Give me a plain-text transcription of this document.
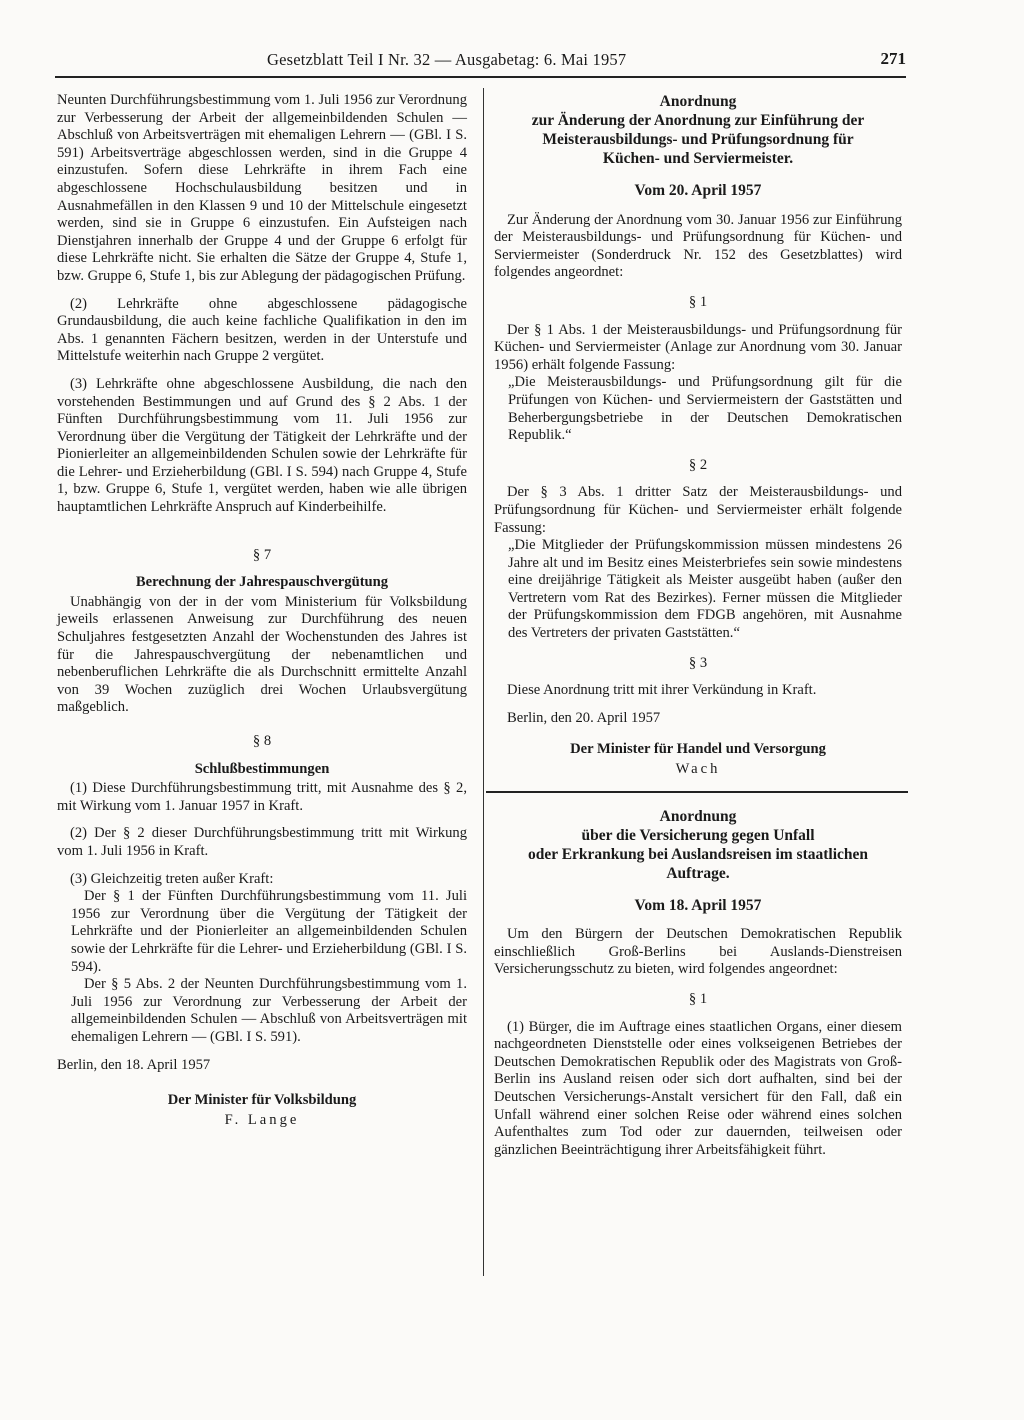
Gesetzblatt Teil I Nr. 32 — Ausgabetag: 6. Mai 1957	271

Neunten Durchführungsbestimmung vom 1. Juli 1956 zur Verordnung zur Verbesserung der Arbeit der allgemeinbildenden Schulen — Abschluß von Arbeitsverträgen mit ehemaligen Lehrern — (GBl. I S. 591) Arbeitsverträge abgeschlossen werden, sind in die Gruppe 4 einzustufen. Sofern diese Lehrkräfte in ihrem Fach eine abgeschlossene Hochschulausbildung besitzen und in Ausnahmefällen in den Klassen 9 und 10 der Mittelschule eingesetzt werden, sind sie in Gruppe 6 einzustufen. Ein Aufsteigen nach Dienstjahren innerhalb der Gruppe 4 und der Gruppe 6 erfolgt für diese Lehrkräfte nicht. Sie erhalten die Sätze der Gruppe 4, Stufe 1, bzw. Gruppe 6, Stufe 1, bis zur Ablegung der pädagogischen Prüfung.

(2) Lehrkräfte ohne abgeschlossene pädagogische Grundausbildung, die auch keine fachliche Qualifikation in den im Abs. 1 genannten Fächern besitzen, werden in der Unterstufe und Mittelstufe weiterhin nach Gruppe 2 vergütet.

(3) Lehrkräfte ohne abgeschlossene Ausbildung, die nach den vorstehenden Bestimmungen und auf Grund des § 2 Abs. 1 der Fünften Durchführungsbestimmung vom 11. Juli 1956 zur Verordnung über die Vergütung der Tätigkeit der Lehrkräfte und der Pionierleiter an allgemeinbildenden Schulen sowie der Lehrkräfte für die Lehrer- und Erzieherbildung (GBl. I S. 594) nach Gruppe 4, Stufe 1, bzw. Gruppe 6, Stufe 1, vergütet werden, haben wie alle übrigen hauptamtlichen Lehrkräfte Anspruch auf Kinderbeihilfe.

§ 7
Berechnung der Jahrespauschvergütung

Unabhängig von der in der vom Ministerium für Volksbildung jeweils erlassenen Anweisung zur Durchführung des neuen Schuljahres festgesetzten Anzahl der Wochenstunden des Jahres ist für die Jahrespauschvergütung der nebenamtlichen und nebenberuflichen Lehrkräfte die als Durchschnitt ermittelte Anzahl von 39 Wochen zuzüglich drei Wochen Urlaubsvergütung maßgeblich.

§ 8
Schlußbestimmungen

(1) Diese Durchführungsbestimmung tritt, mit Ausnahme des § 2, mit Wirkung vom 1. Januar 1957 in Kraft.

(2) Der § 2 dieser Durchführungsbestimmung tritt mit Wirkung vom 1. Juli 1956 in Kraft.

(3) Gleichzeitig treten außer Kraft:

Der § 1 der Fünften Durchführungsbestimmung vom 11. Juli 1956 zur Verordnung über die Vergütung der Tätigkeit der Lehrkräfte und der Pionierleiter an allgemeinbildenden Schulen sowie der Lehrkräfte für die Lehrer- und Erzieherbildung (GBl. I S. 594).

Der § 5 Abs. 2 der Neunten Durchführungsbestimmung vom 1. Juli 1956 zur Verordnung zur Verbesserung der Arbeit der allgemeinbildenden Schulen — Abschluß von Arbeitsverträgen mit ehemaligen Lehrern — (GBl. I S. 591).

Berlin, den 18. April 1957

Der Minister für Volksbildung
F. Lange
Anordnung
zur Änderung der Anordnung zur Einführung der
Meisterausbildungs- und Prüfungsordnung für
Küchen- und Serviermeister.
Vom 20. April 1957

Zur Änderung der Anordnung vom 30. Januar 1956 zur Einführung der Meisterausbildungs- und Prüfungsordnung für Küchen- und Serviermeister (Sonderdruck Nr. 152 des Gesetzblattes) wird folgendes angeordnet:

§ 1

Der § 1 Abs. 1 der Meisterausbildungs- und Prüfungsordnung für Küchen- und Serviermeister (Anlage zur Anordnung vom 30. Januar 1956) erhält folgende Fassung:

„Die Meisterausbildungs- und Prüfungsordnung gilt für die Prüfungen von Küchen- und Serviermeistern der Gaststätten und Beherbergungsbetriebe in der Deutschen Demokratischen Republik.“

§ 2

Der § 3 Abs. 1 dritter Satz der Meisterausbildungs- und Prüfungsordnung für Küchen- und Serviermeister erhält folgende Fassung:

„Die Mitglieder der Prüfungskommission müssen mindestens 26 Jahre alt und im Besitz eines Meisterbriefes sein sowie mindestens eine dreijährige Tätigkeit als Meister ausgeübt haben (außer den Vertretern vom Rat des Bezirkes). Ferner müssen die Mitglieder der Prüfungskommission dem FDGB angehören, mit Ausnahme des Vertreters der privaten Gaststätten.“

§ 3

Diese Anordnung tritt mit ihrer Verkündung in Kraft.

Berlin, den 20. April 1957

Der Minister für Handel und Versorgung
Wach
Anordnung
über die Versicherung gegen Unfall
oder Erkrankung bei Auslandsreisen im staatlichen
Auftrage.
Vom 18. April 1957

Um den Bürgern der Deutschen Demokratischen Republik einschließlich Groß-Berlins bei Auslands-Dienstreisen Versicherungsschutz zu bieten, wird folgendes angeordnet:

§ 1

(1) Bürger, die im Auftrage eines staatlichen Organs, einer diesem nachgeordneten Dienststelle oder eines volkseigenen Betriebes der Deutschen Demokratischen Republik oder des Magistrats von Groß-Berlin ins Ausland reisen oder sich dort aufhalten, sind bei der Deutschen Versicherungs-Anstalt versichert für den Fall, daß ein Unfall während einer solchen Reise oder während eines solchen Aufenthaltes zum Tod oder zur dauernden, teilweisen oder gänzlichen Beeinträchtigung ihrer Arbeitsfähigkeit führt.
